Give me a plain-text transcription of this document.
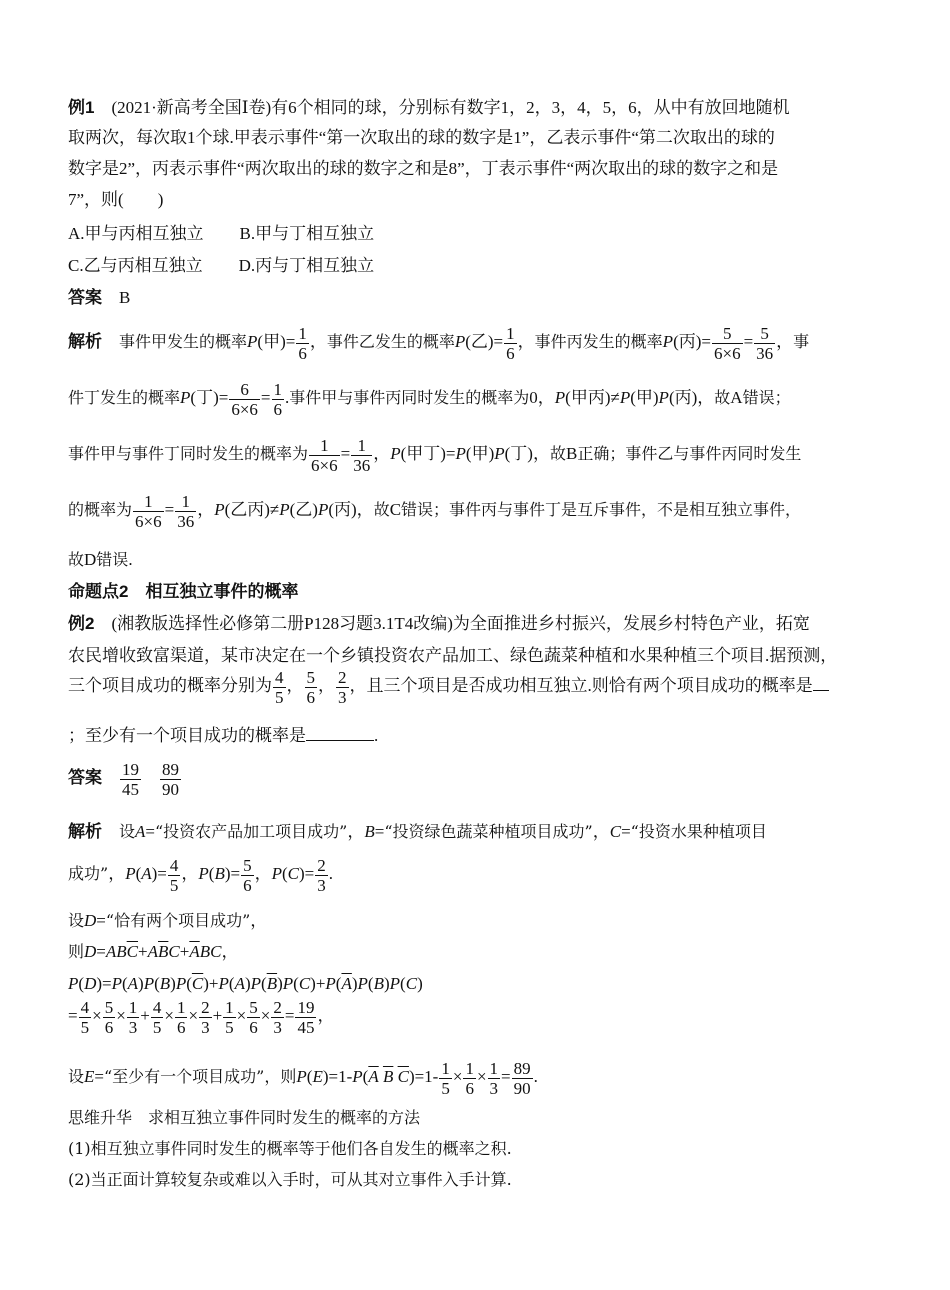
例1　 (2021·新高考全国Ⅰ卷)有6个相同的球，分别标有数字1，2，3，4，5，6，从中有放回地随机
取两次，每次取1个球.甲表示事件“第一次取出的球的数字是1”，乙表示事件“第二次取出的球的
数字是2”，丙表示事件“两次取出的球的数字之和是8”，丁表示事件“两次取出的球的数字之和是
7”，则(　　)
A.甲与丙相互独立 B.甲与丁相互独立
C.乙与丙相互独立 D.丙与丁相互独立
答案　 B
解析　 事件甲发生的概率P(甲)= $\frac{1}{6}$ ，事件乙发生的概率P(乙)= $\frac{1}{6}$ ，事件丙发生的概率P(丙)= $\frac{5}{6\times 6} = \frac{5}{36}$ ，事
件丁发生的概率P(丁)= $\frac{6}{6\times 6} = \frac{1}{6}$ .事件甲与事件丙同时发生的概率为0，P(甲丙)≠P(甲)P(丙)，故A错误；
事件甲与事件丁同时发生的概率为 $\frac{1}{6\times 6} = \frac{1}{36}$ ，P(甲丁)=P(甲)P(丁)，故B正确；事件乙与事件丙同时发生
的概率为 $\frac{1}{6\times 6} = \frac{1}{36}$ ，P(乙丙)≠P(乙)P(丙)，故C错误；事件丙与事件丁是互斥事件，不是相互独立事件，
故D错误.
命题点2　相互独立事件的概率
例2　 (湘教版选择性必修第二册P128习题3.1T4改编)为全面推进乡村振兴，发展乡村特色产业，拓宽
农民增收致富渠道，某市决定在一个乡镇投资农产品加工、绿色蔬菜种植和水果种植三个项目.据预测，
三个项目成功的概率分别为 $\frac{4}{5}$ ， $\frac{5}{6}$ ， $\frac{2}{3}$ ，且三个项目是否成功相互独立.则恰有两个项目成功的概率是
；至少有一个项目成功的概率是	.
答案　 $\frac{19}{45}$
　 $\frac{89}{90}$
解析　 设A=“投资农产品加工项目成功”，B=“投资绿色蔬菜种植项目成功”，C=“投资水果种植项目
成功”，$P(A)= \frac{4}{5}$ ，$P(B)= \frac{5}{6}$ ，$P(C)= \frac{2}{3}$ .
设D=“恰有两个项目成功”，
则$D=AB\overline{C}+A\overline{B}C+\overline{A}BC$，
$P(D)=P(A)P(B)P(\overline{C})+P(A)P(\overline{B})P(C)+P(\overline{A})P(B)P(C)$
= $\frac{4}{5} \times \frac{5}{6} \times \frac{1}{3} + \frac{4}{5} \times \frac{1}{6} \times \frac{2}{3} + \frac{1}{5} \times \frac{5}{6} \times \frac{2}{3} = \frac{19}{45}$ ，
设E=“至少有一个项目成功”，则$P(E)=1-P(\overline{A}$ $\overline{B}$ $\overline{C})=1- \frac{1}{5} \times \frac{1}{6} \times \frac{1}{3} = \frac{89}{90}$ .
思维升华　求相互独立事件同时发生的概率的方法
(1)相互独立事件同时发生的概率等于他们各自发生的概率之积.
(2)当正面计算较复杂或难以入手时，可从其对立事件入手计算.
